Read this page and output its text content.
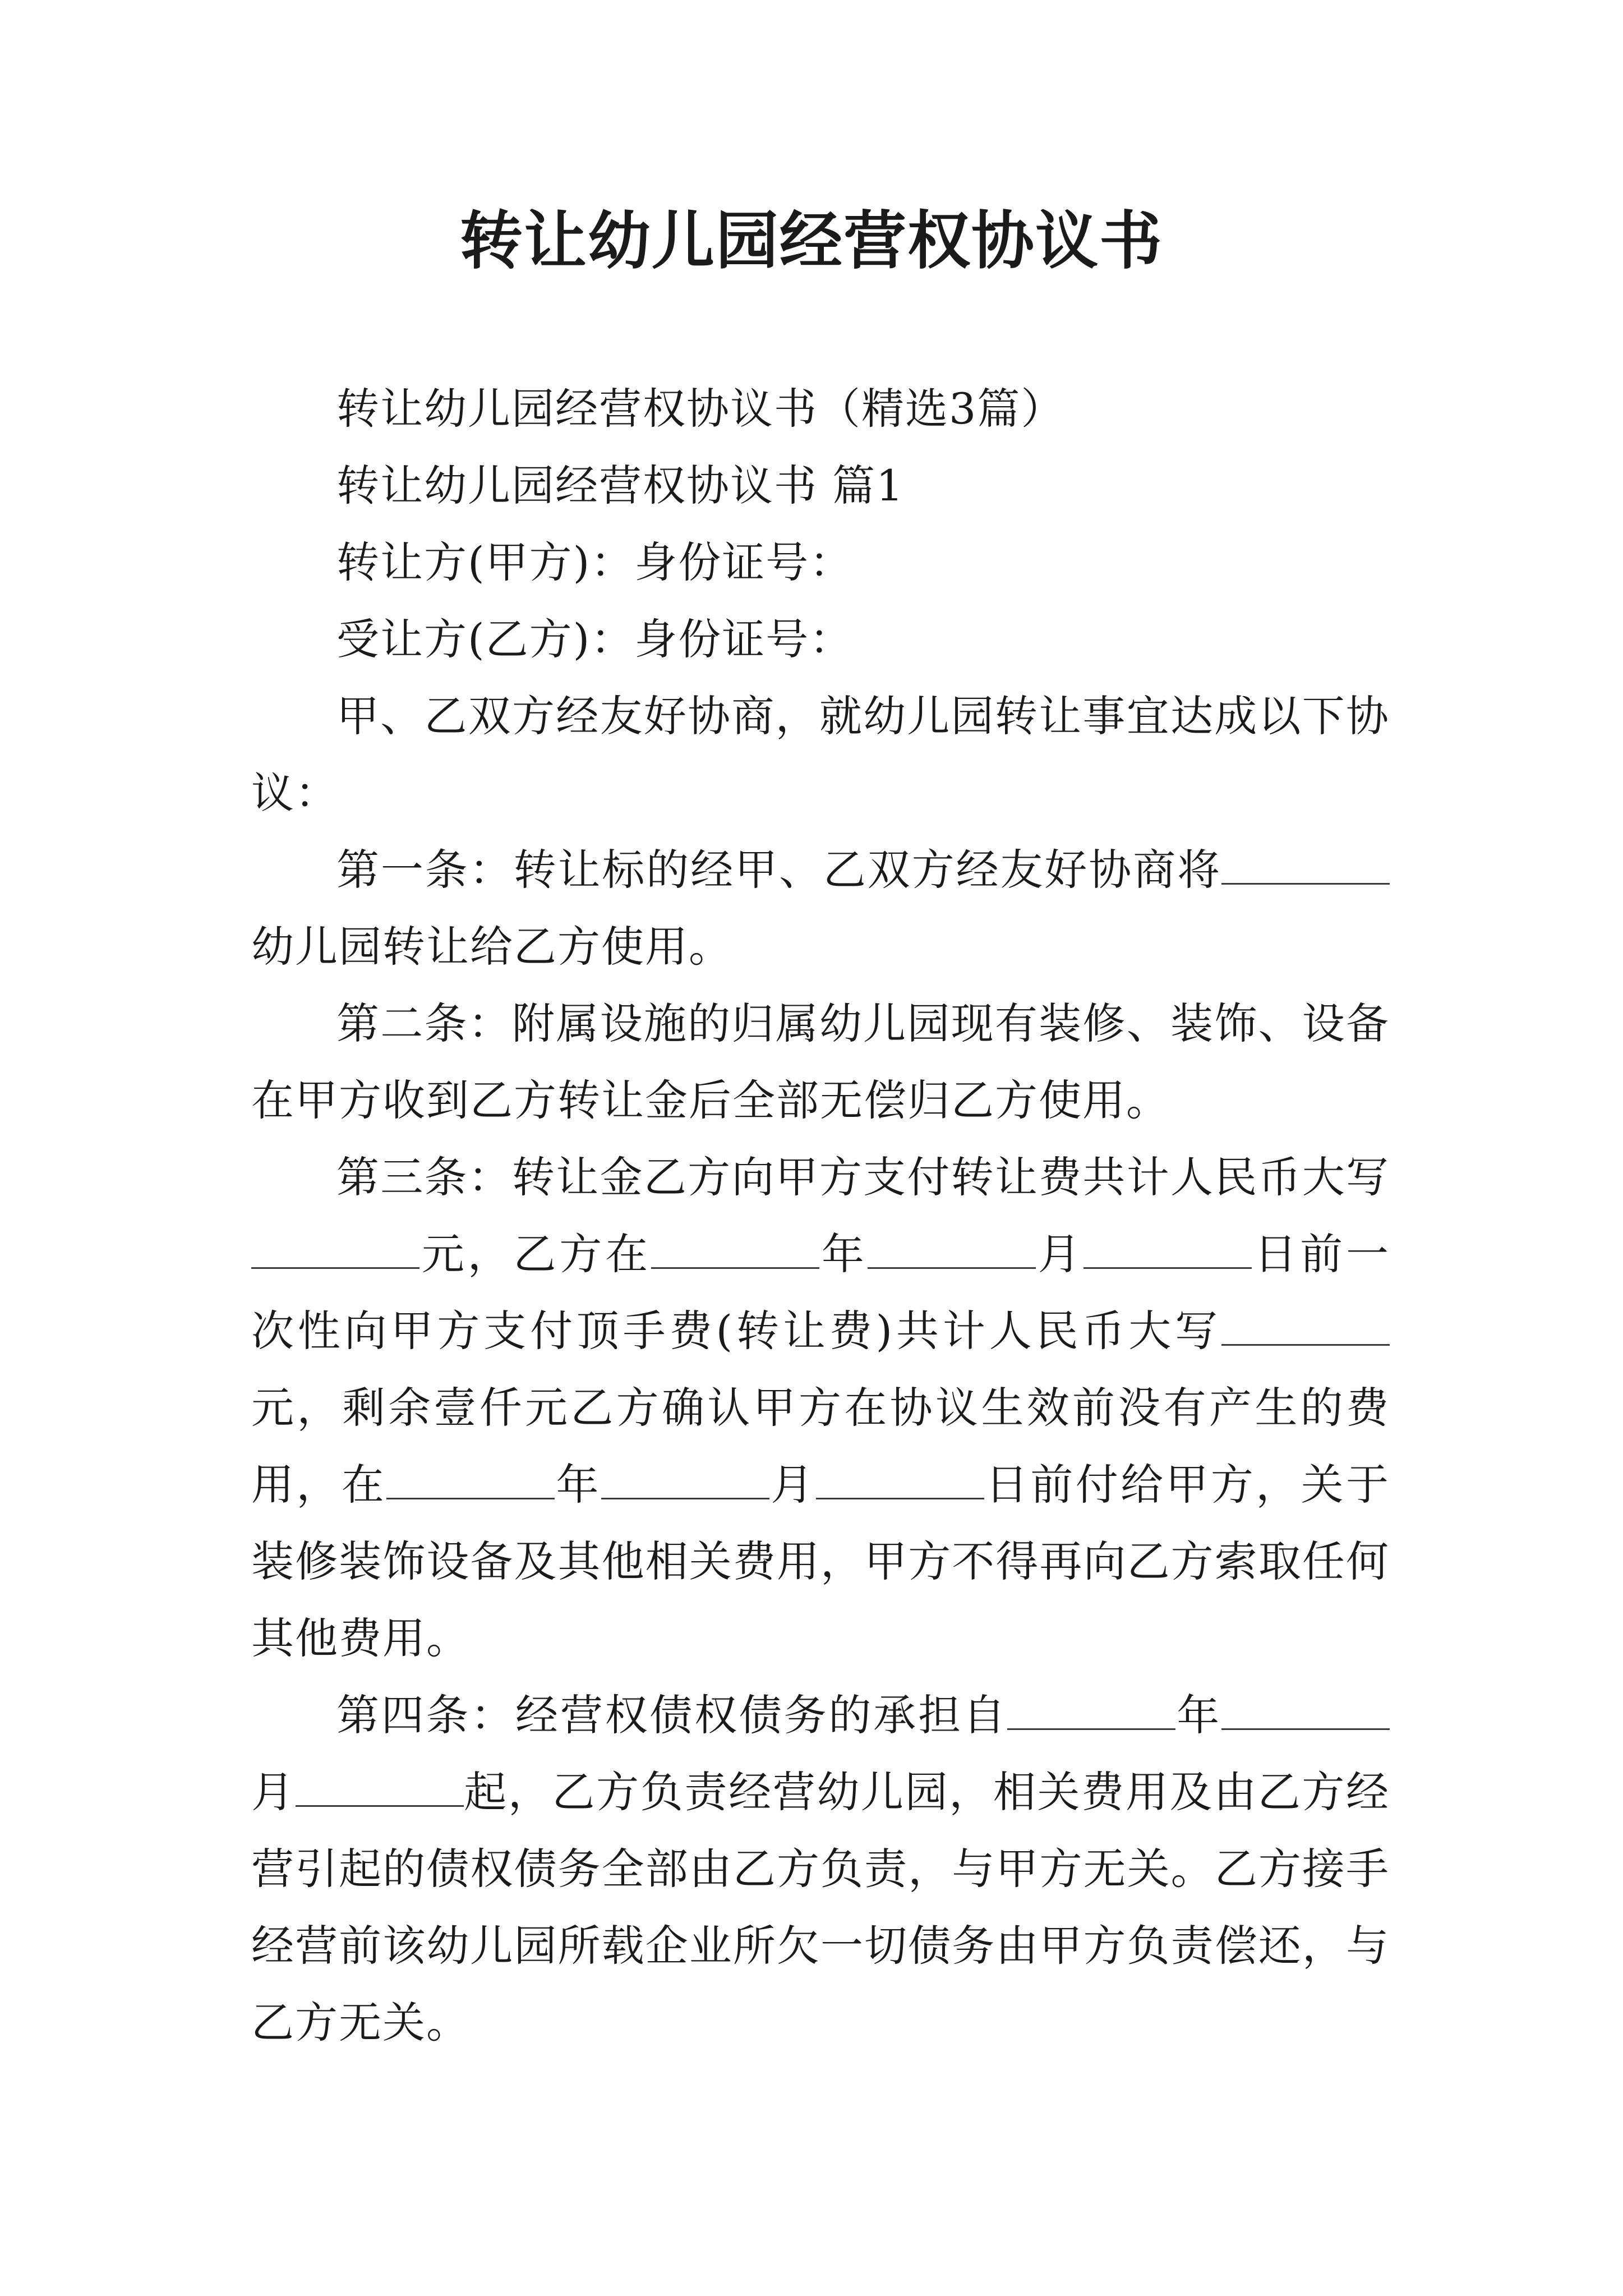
转让幼儿园经营权协议书

转让幼儿园经营权协议书（精选3篇）

转让幼儿园经营权协议书 篇1

转让方(甲方)：身份证号：

受让方(乙方)：身份证号：

甲、乙双方经友好协商，就幼儿园转让事宜达成以下协议：

第一条：转让标的经甲、乙双方经友好协商将幼儿园转让给乙方使用。

第二条：附属设施的归属幼儿园现有装修、装饰、设备在甲方收到乙方转让金后全部无偿归乙方使用。

第三条：转让金乙方向甲方支付转让费共计人民币大写元，乙方在	年	月	日前一次性向甲方支付顶手费(转让费)共计人民币大写元，剩余壹仟元乙方确认甲方在协议生效前没有产生的费用，在	年	月	日前付给甲方，关于装修装饰设备及其他相关费用，甲方不得再向乙方索取任何其他费用。

第四条：经营权债权债务的承担自	年月	起，乙方负责经营幼儿园，相关费用及由乙方经营引起的债权债务全部由乙方负责，与甲方无关。乙方接手经营前该幼儿园所载企业所欠一切债务由甲方负责偿还，与乙方无关。
